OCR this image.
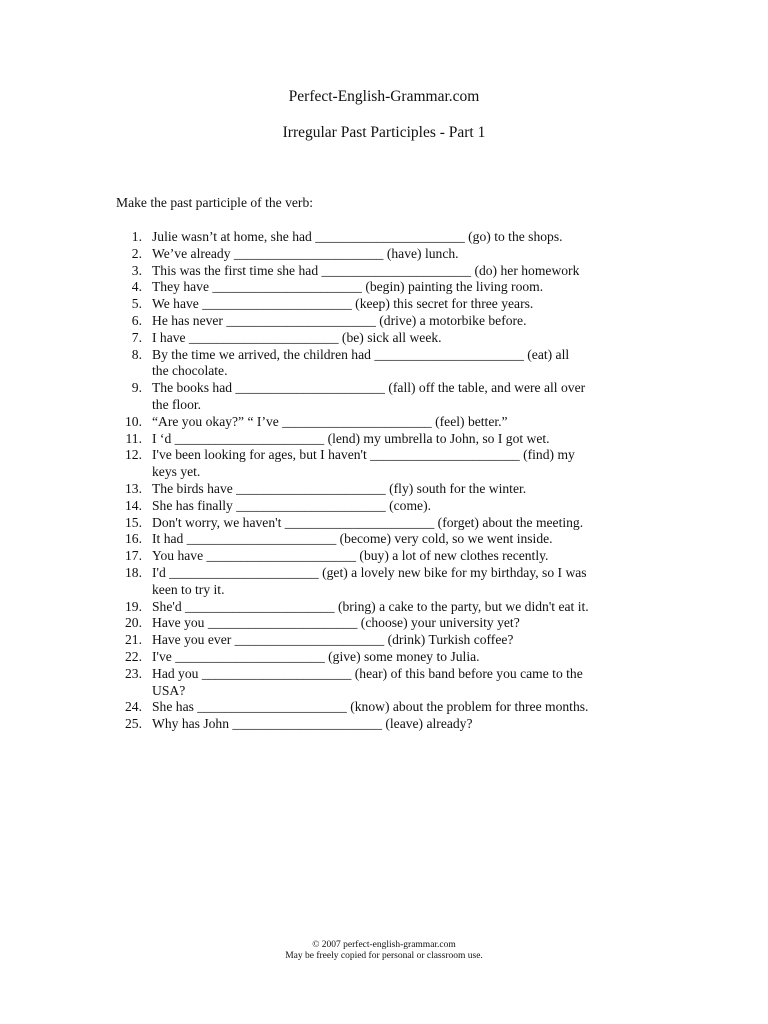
Perfect-English-Grammar.com
Irregular Past Participles - Part 1
Make the past participle of the verb:
1. Julie wasn’t at home, she had ______________________ (go) to the shops.
2. We’ve already ______________________ (have) lunch.
3. This was the first time she had ______________________ (do) her homework
4. They have ______________________ (begin) painting the living room.
5. We have ______________________ (keep) this secret for three years.
6. He has never ______________________ (drive) a motorbike before.
7. I have ______________________ (be) sick all week.
8. By the time we arrived, the children had ______________________ (eat) all
the chocolate.
9. The books had ______________________ (fall) off the table, and were all over
the floor.
10. “Are you okay?” “ I’ve ______________________ (feel) better.”
11. I ‘d ______________________ (lend) my umbrella to John, so I got wet.
12. I've been looking for ages, but I haven't ______________________ (find) my
keys yet.
13. The birds have ______________________ (fly) south for the winter.
14. She has finally ______________________ (come).
15. Don't worry, we haven't ______________________ (forget) about the meeting.
16. It had ______________________ (become) very cold, so we went inside.
17. You have ______________________ (buy) a lot of new clothes recently.
18. I'd ______________________ (get) a lovely new bike for my birthday, so I was
keen to try it.
19. She'd ______________________ (bring) a cake to the party, but we didn't eat it.
20. Have you ______________________ (choose) your university yet?
21. Have you ever ______________________ (drink) Turkish coffee?
22. I've ______________________ (give) some money to Julia.
23. Had you ______________________ (hear) of this band before you came to the
USA?
24. She has ______________________ (know) about the problem for three months.
25. Why has John ______________________ (leave) already?
© 2007 perfect-english-grammar.com
May be freely copied for personal or classroom use.
